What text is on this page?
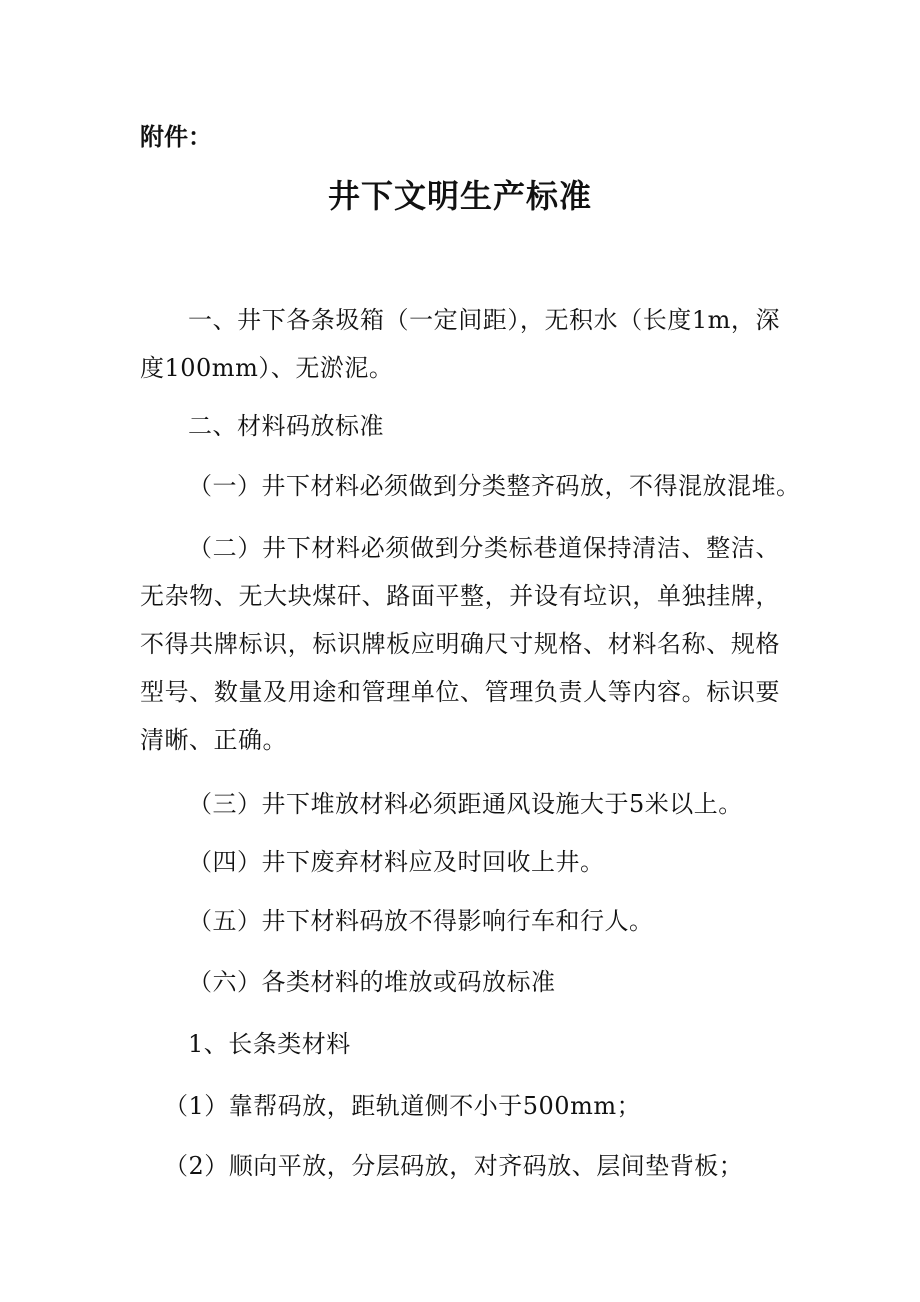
附件：
井下文明生产标准
一、井下各条圾箱（一定间距），无积水（长度1m，深度100mm）、无淤泥。
二、材料码放标准
（一）井下材料必须做到分类整齐码放，不得混放混堆。
（二）井下材料必须做到分类标巷道保持清洁、整洁、无杂物、无大块煤矸、路面平整，并设有垃识，单独挂牌，不得共牌标识，标识牌板应明确尺寸规格、材料名称、规格型号、数量及用途和管理单位、管理负责人等内容。标识要清晰、正确。
（三）井下堆放材料必须距通风设施大于5米以上。
（四）井下废弃材料应及时回收上井。
（五）井下材料码放不得影响行车和行人。
（六）各类材料的堆放或码放标准
1、长条类材料
（1）靠帮码放，距轨道侧不小于500mm；
（2）顺向平放，分层码放，对齐码放、层间垫背板；
